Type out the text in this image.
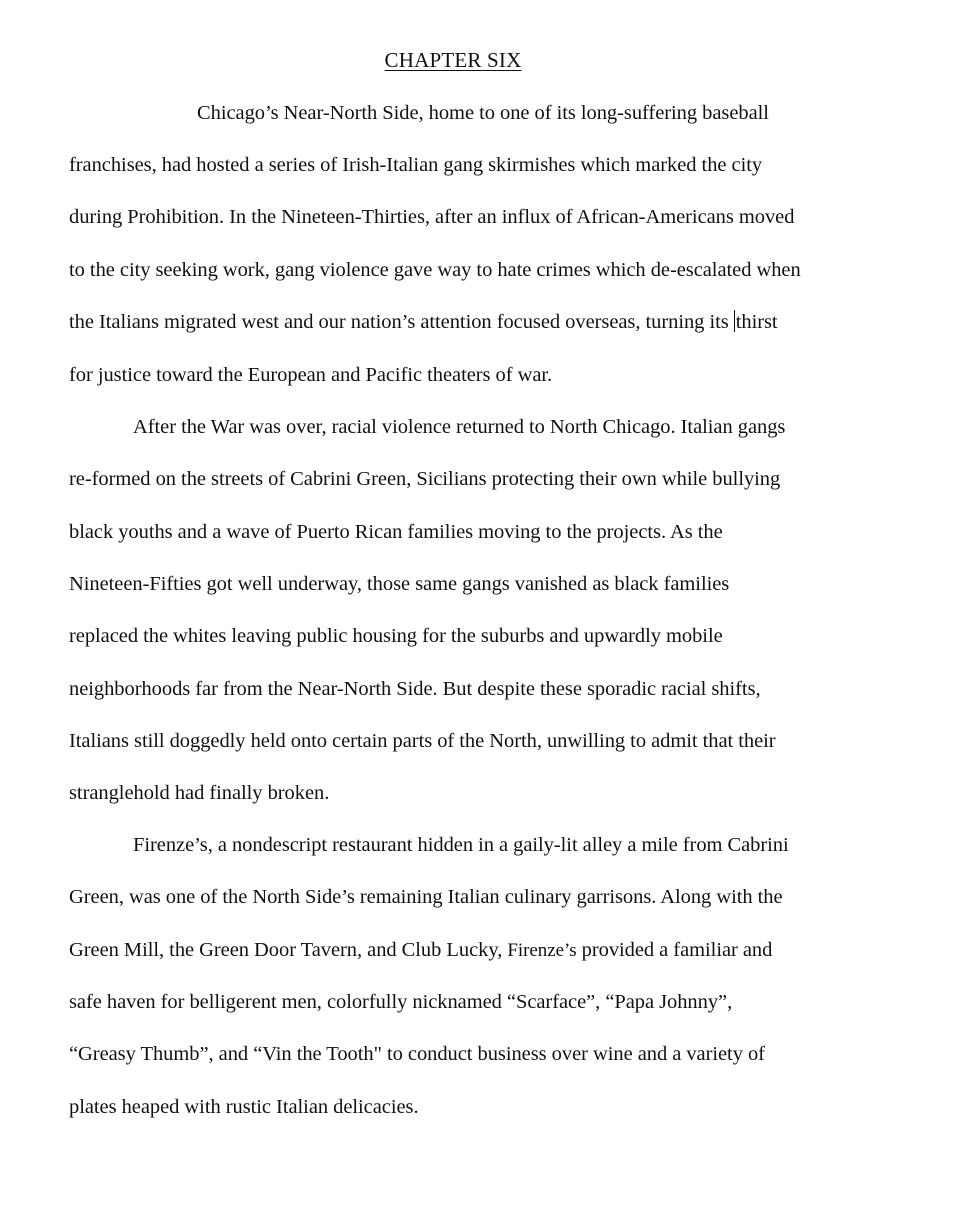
CHAPTER SIX
Chicago’s Near-North Side, home to one of its long-suffering baseball
franchises, had hosted a series of Irish-Italian gang skirmishes which marked the city
during Prohibition. In the Nineteen-Thirties, after an influx of African-Americans moved
to the city seeking work, gang violence gave way to hate crimes which de-escalated when
the Italians migrated west and our nation’s attention focused overseas, turning its thirst
for justice toward the European and Pacific theaters of war.
After the War was over, racial violence returned to North Chicago. Italian gangs
re-formed on the streets of Cabrini Green, Sicilians protecting their own while bullying
black youths and a wave of Puerto Rican families moving to the projects. As the
Nineteen-Fifties got well underway, those same gangs vanished as black families
replaced the whites leaving public housing for the suburbs and upwardly mobile
neighborhoods far from the Near-North Side. But despite these sporadic racial shifts,
Italians still doggedly held onto certain parts of the North, unwilling to admit that their
stranglehold had finally broken.
Firenze’s, a nondescript restaurant hidden in a gaily-lit alley a mile from Cabrini
Green, was one of the North Side’s remaining Italian culinary garrisons. Along with the
Green Mill, the Green Door Tavern, and Club Lucky, Firenze’s provided a familiar and
safe haven for belligerent men, colorfully nicknamed “Scarface”, “Papa Johnny”,
“Greasy Thumb”, and “Vin the Tooth" to conduct business over wine and a variety of
plates heaped with rustic Italian delicacies.
